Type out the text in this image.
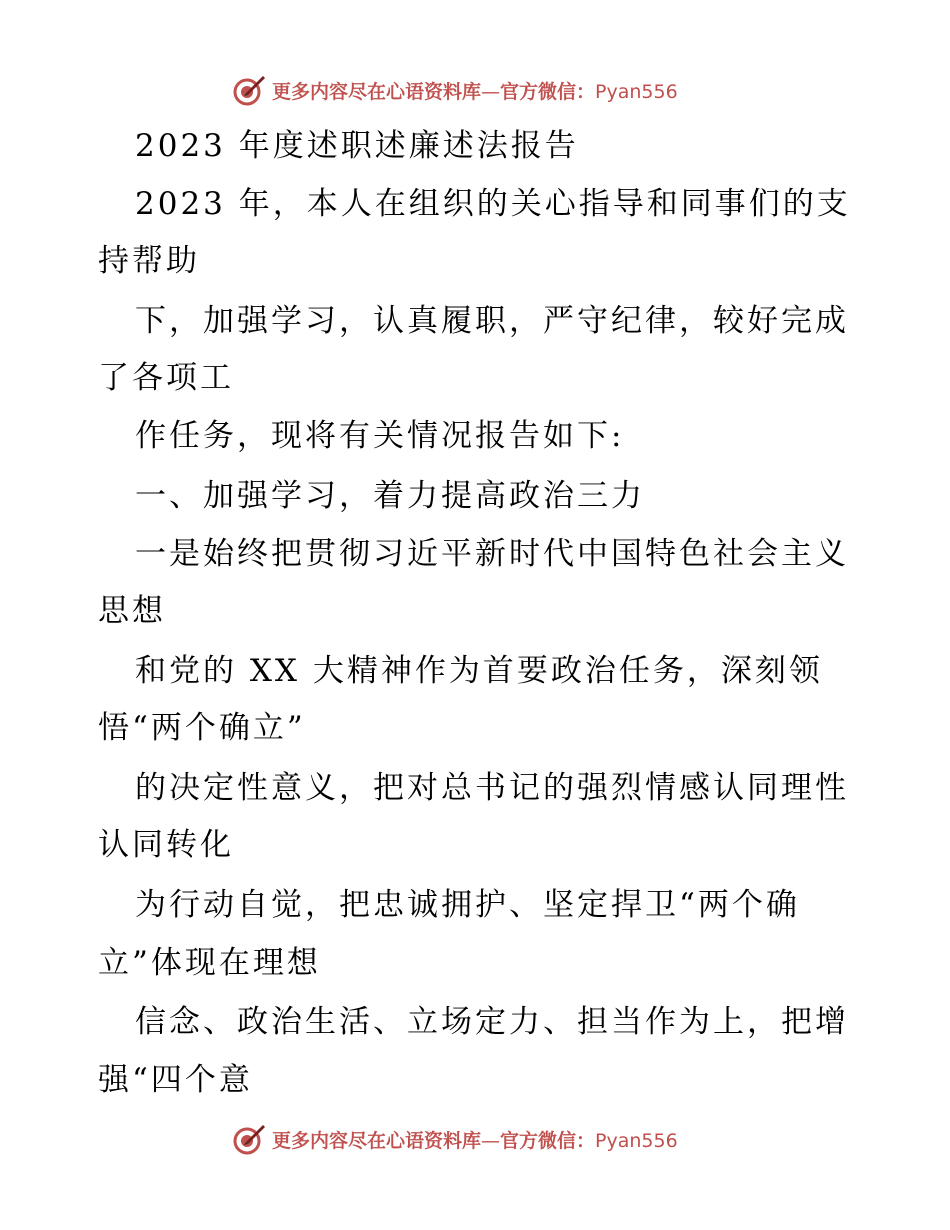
更多内容尽在心语资料库—官方微信：Pyan556
2023 年度述职述廉述法报告
2023 年，本人在组织的关心指导和同事们的支
持帮助
下，加强学习，认真履职，严守纪律，较好完成
了各项工
作任务，现将有关情况报告如下:
一、加强学习，着力提高政治三力
一是始终把贯彻习近平新时代中国特色社会主义
思想
和党的 XX 大精神作为首要政治任务，深刻领
悟“两个确立”
的决定性意义，把对总书记的强烈情感认同理性
认同转化
为行动自觉，把忠诚拥护、坚定捍卫“两个确
立”体现在理想
信念、政治生活、立场定力、担当作为上，把增
强“四个意
更多内容尽在心语资料库—官方微信：Pyan556
